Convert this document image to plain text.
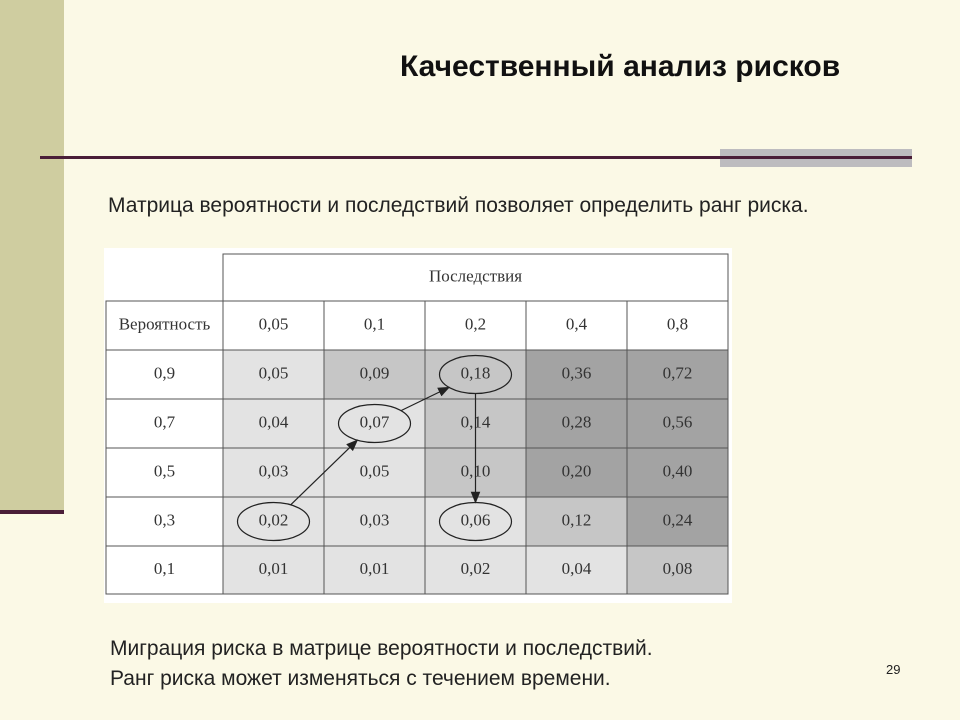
Качественный анализ рисков
Матрица вероятности и последствий позволяет определить ранг риска.
Последствия
Вероятность	0,05	0,1	0,2	0,4	0,8
0,9	0,05	0,09	0,18	0,36	0,72
0,7	0,04	0,07	0,14	0,28	0,56
0,5	0,03	0,05	0,10	0,20	0,40
0,3	0,02	0,03	0,06	0,12	0,24
0,1	0,01	0,01	0,02	0,04	0,08
Миграция риска в матрице вероятности и последствий.
Ранг риска может изменяться с течением времени.	29
